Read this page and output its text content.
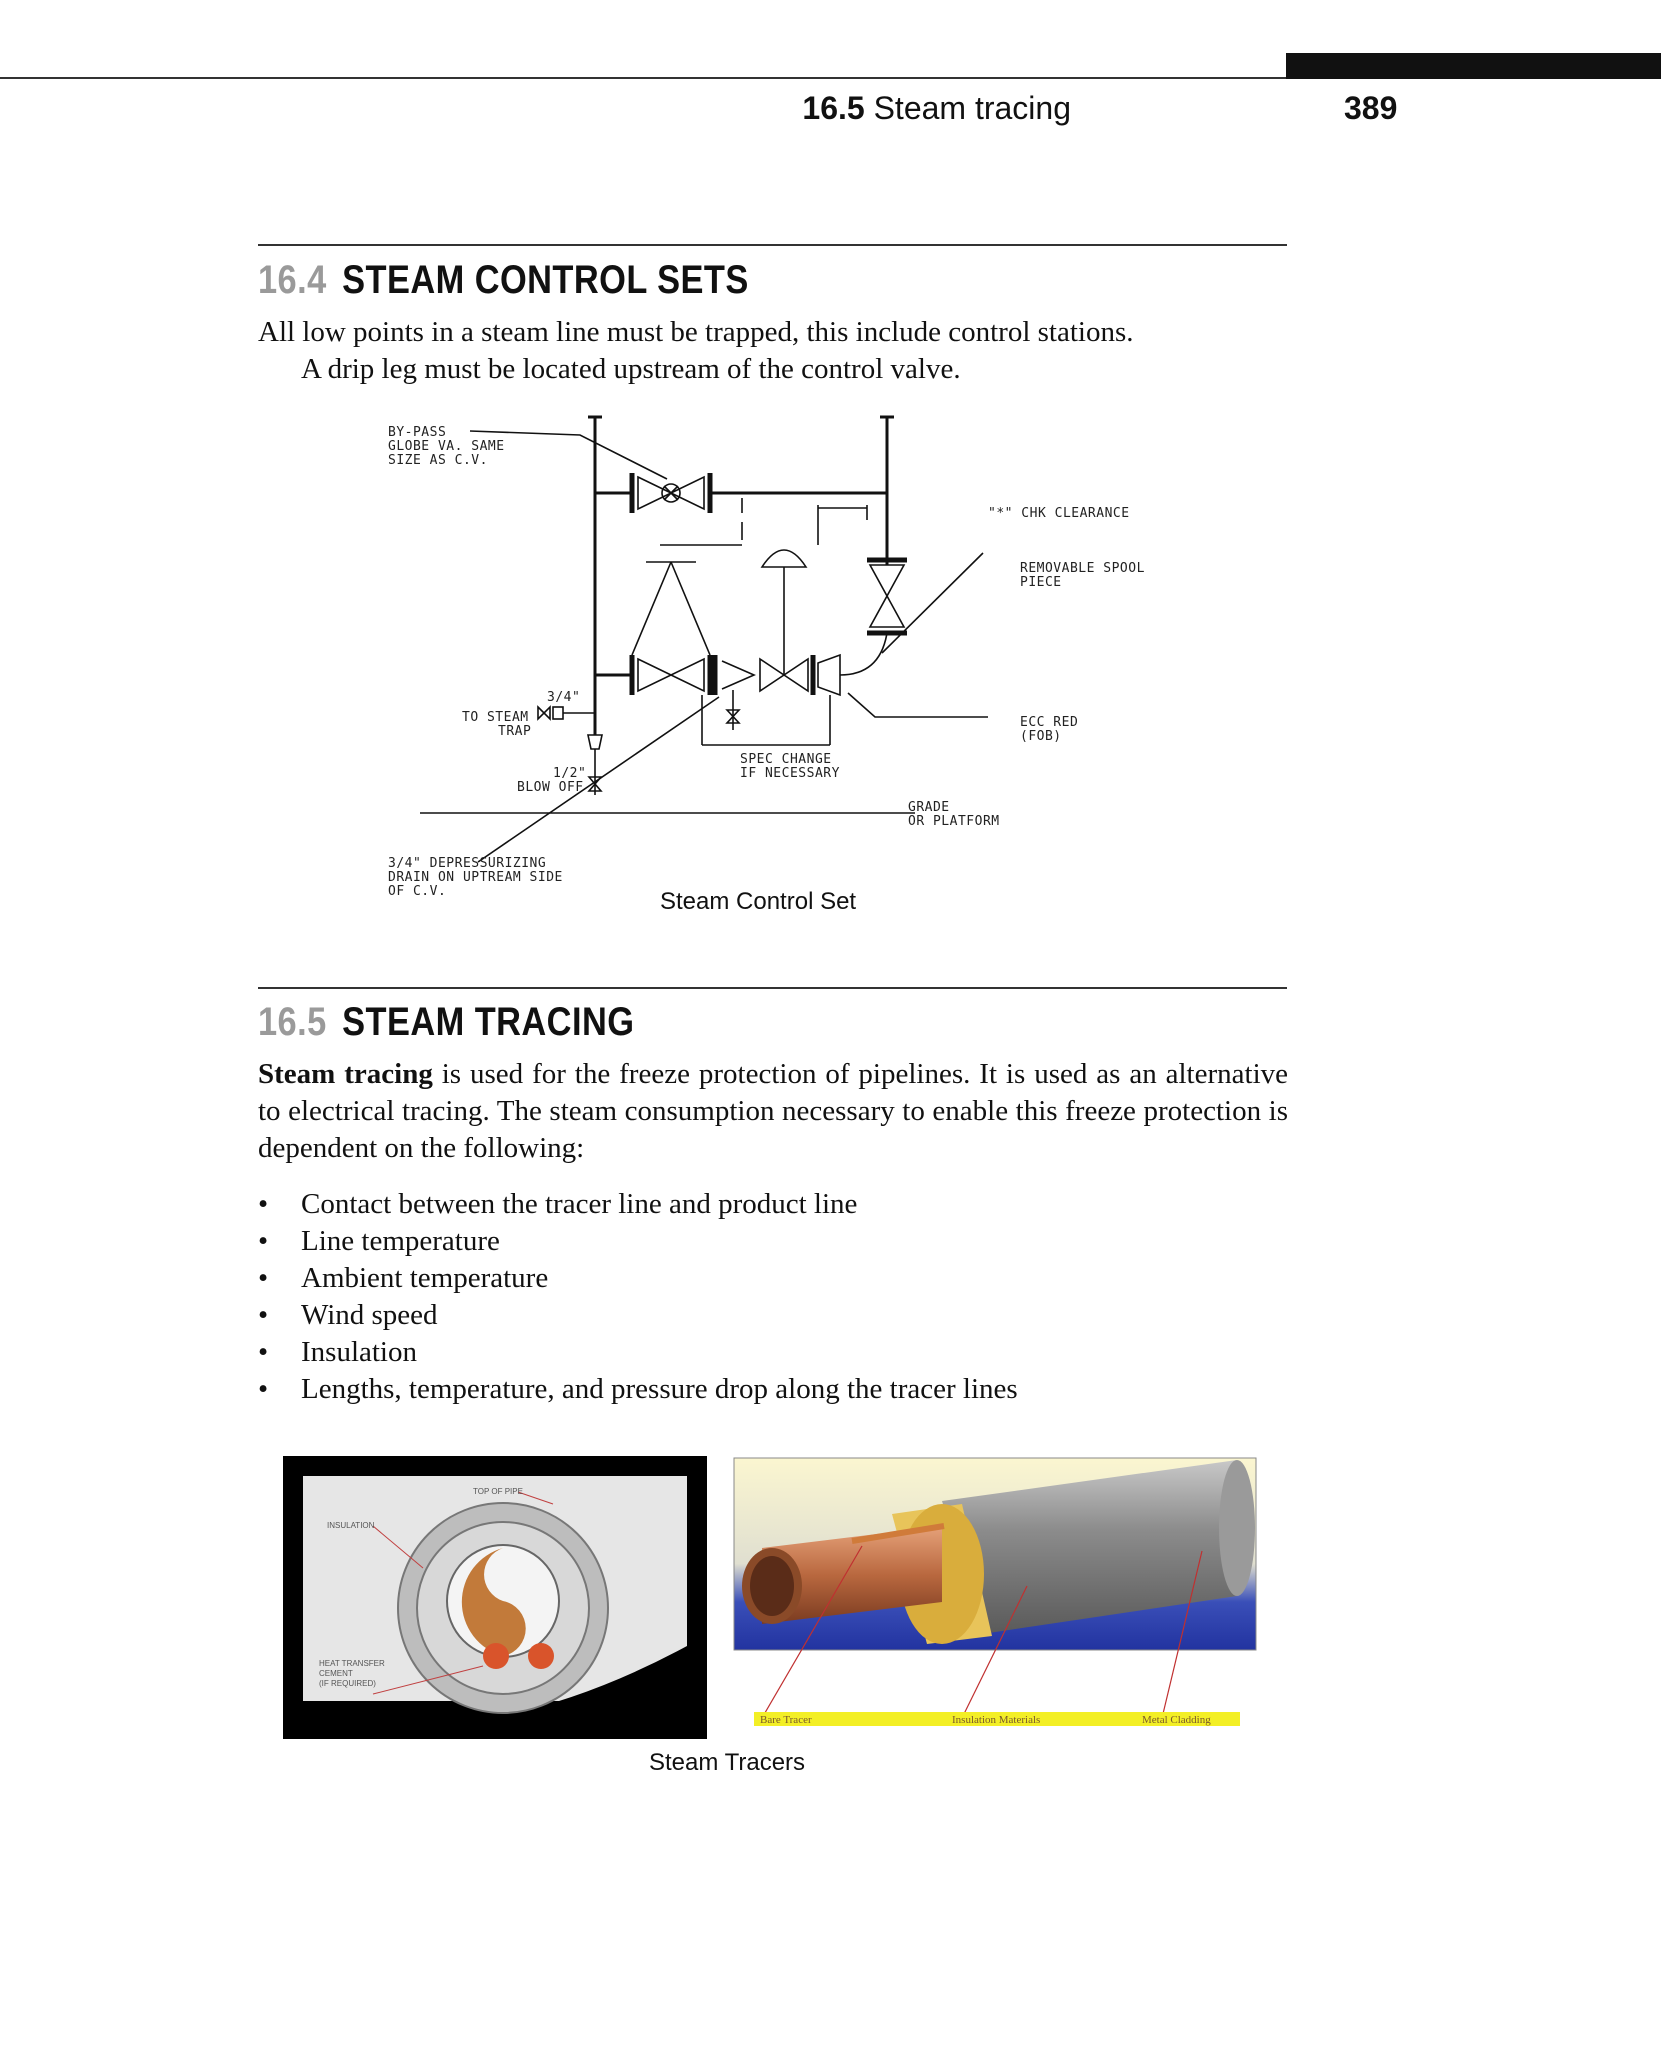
16.5 Steam tracing	389
16.4 STEAM CONTROL SETS
All low points in a steam line must be trapped, this include control stations.
A drip leg must be located upstream of the control valve.
BY-PASS
GLOBE VA. SAME
SIZE AS C.V.
"*" CHK CLEARANCE
REMOVABLE SPOOL
PIECE
3/4"
TO STEAM
TRAP
ECC RED
(FOB)
1/2"
BLOW OFF
SPEC CHANGE
IF NECESSARY
GRADE
OR PLATFORM
3/4" DEPRESSURIZING
DRAIN ON UPTREAM SIDE
OF C.V.	Steam Control Set
16.5 STEAM TRACING
Steam tracing is used for the freeze protection of pipelines. It is used as an alternative to electrical tracing. The steam consumption necessary to enable this freeze protection is dependent on the following:
• Contact between the tracer line and product line
• Line temperature
• Ambient temperature
• Wind speed
• Insulation
• Lengths, temperature, and pressure drop along the tracer lines
TOP OF PIPE
INSULATION
HEAT TRANSFER
CEMENT
(IF REQUIRED)
Bare Tracer	Insulation Materials	Metal Cladding
Steam Tracers
